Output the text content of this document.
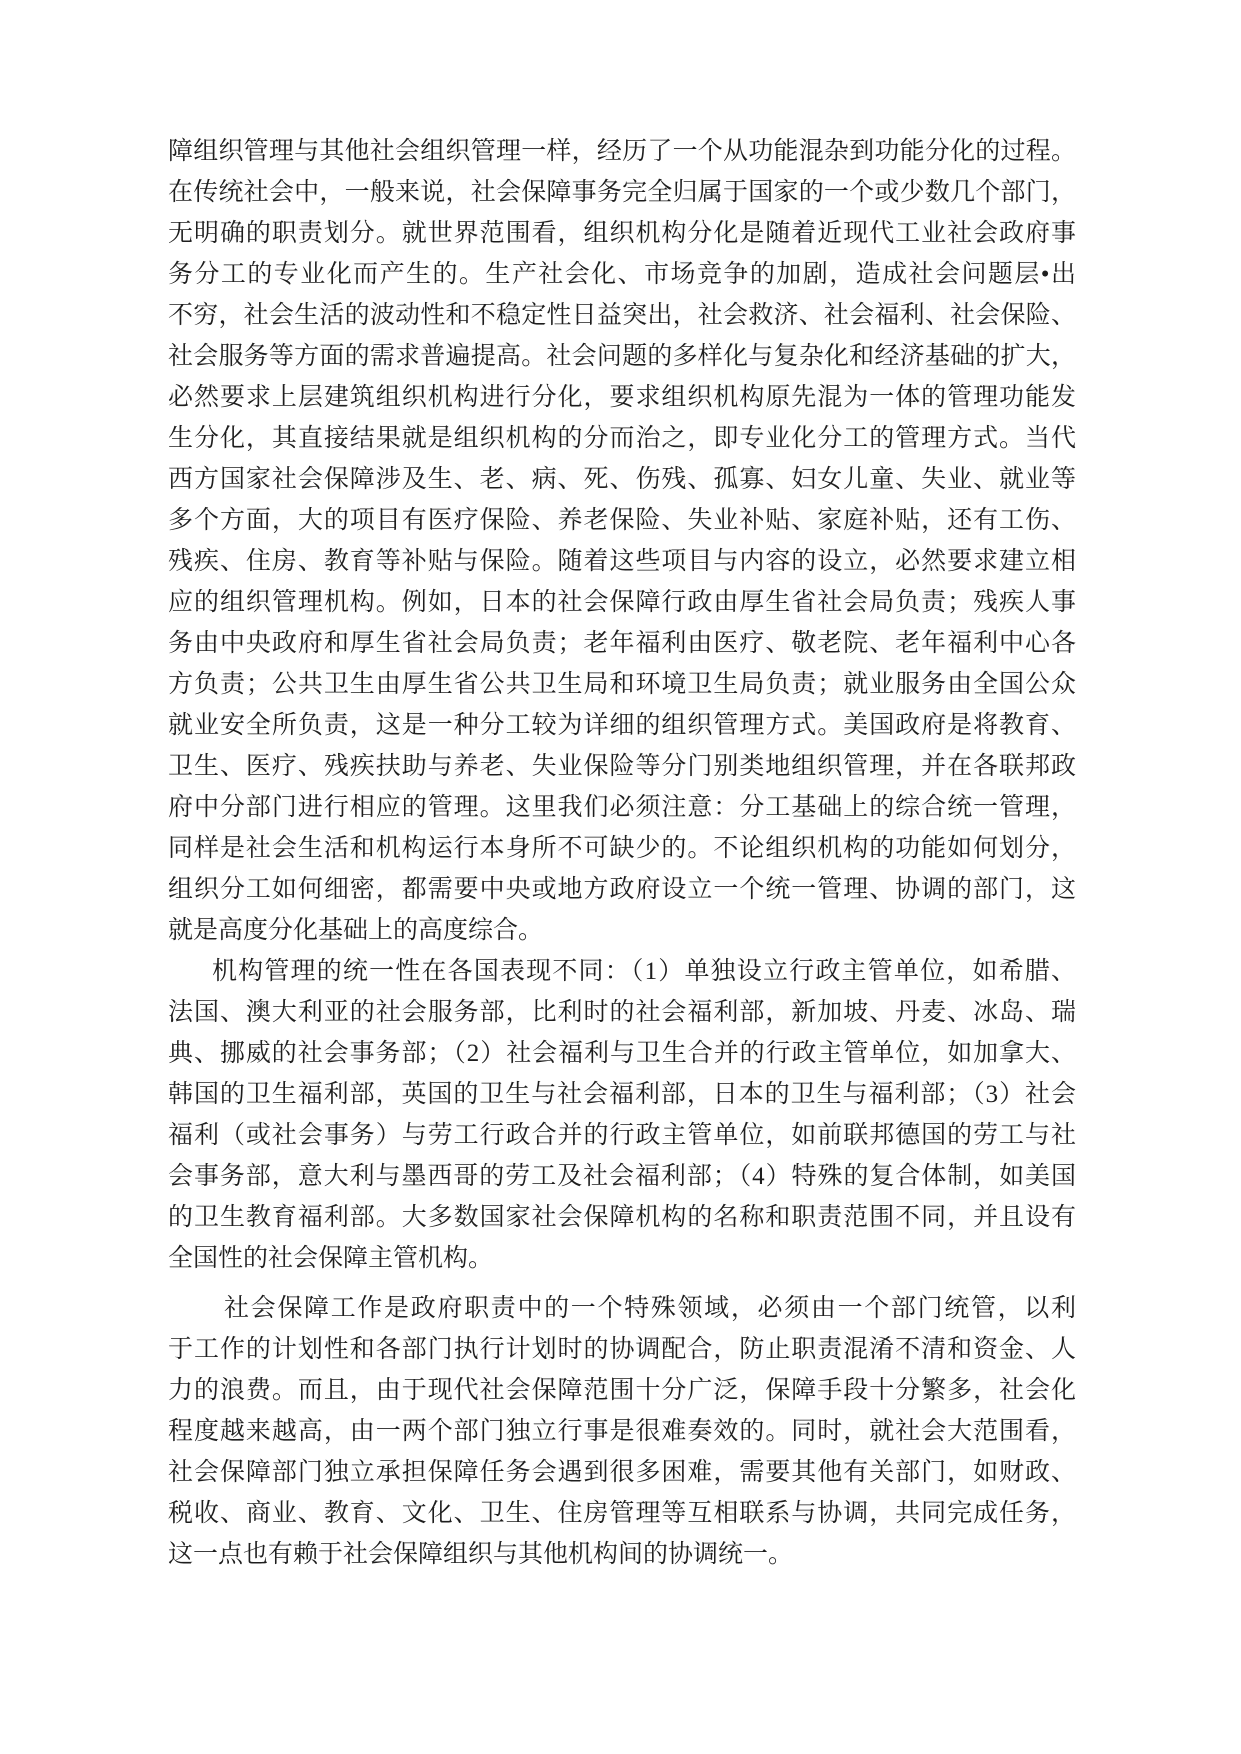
障组织管理与其他社会组织管理一样，经历了一个从功能混杂到功能分化的过程。
在传统社会中，一般来说，社会保障事务完全归属于国家的一个或少数几个部门，
无明确的职责划分。就世界范围看，组织机构分化是随着近现代工业社会政府事
务分工的专业化而产生的。生产社会化、市场竞争的加剧，造成社会问题层•出
不穷，社会生活的波动性和不稳定性日益突出，社会救济、社会福利、社会保险、
社会服务等方面的需求普遍提高。社会问题的多样化与复杂化和经济基础的扩大，
必然要求上层建筑组织机构进行分化，要求组织机构原先混为一体的管理功能发
生分化，其直接结果就是组织机构的分而治之，即专业化分工的管理方式。当代
西方国家社会保障涉及生、老、病、死、伤残、孤寡、妇女儿童、失业、就业等
多个方面，大的项目有医疗保险、养老保险、失业补贴、家庭补贴，还有工伤、
残疾、住房、教育等补贴与保险。随着这些项目与内容的设立，必然要求建立相
应的组织管理机构。例如，日本的社会保障行政由厚生省社会局负责；残疾人事
务由中央政府和厚生省社会局负责；老年福利由医疗、敬老院、老年福利中心各
方负责；公共卫生由厚生省公共卫生局和环境卫生局负责；就业服务由全国公众
就业安全所负责，这是一种分工较为详细的组织管理方式。美国政府是将教育、
卫生、医疗、残疾扶助与养老、失业保险等分门别类地组织管理，并在各联邦政
府中分部门进行相应的管理。这里我们必须注意：分工基础上的综合统一管理，
同样是社会生活和机构运行本身所不可缺少的。不论组织机构的功能如何划分，
组织分工如何细密，都需要中央或地方政府设立一个统一管理、协调的部门，这
就是高度分化基础上的高度综合。
机构管理的统一性在各国表现不同：（1）单独设立行政主管单位，如希腊、
法国、澳大利亚的社会服务部，比利时的社会福利部，新加坡、丹麦、冰岛、瑞
典、挪威的社会事务部；（2）社会福利与卫生合并的行政主管单位，如加拿大、
韩国的卫生福利部，英国的卫生与社会福利部，日本的卫生与福利部；（3）社会
福利（或社会事务）与劳工行政合并的行政主管单位，如前联邦德国的劳工与社
会事务部，意大利与墨西哥的劳工及社会福利部；（4）特殊的复合体制，如美国
的卫生教育福利部。大多数国家社会保障机构的名称和职责范围不同，并且设有
全国性的社会保障主管机构。
社会保障工作是政府职责中的一个特殊领域，必须由一个部门统管，以利
于工作的计划性和各部门执行计划时的协调配合，防止职责混淆不清和资金、人
力的浪费。而且，由于现代社会保障范围十分广泛，保障手段十分繁多，社会化
程度越来越高，由一两个部门独立行事是很难奏效的。同时，就社会大范围看，
社会保障部门独立承担保障任务会遇到很多困难，需要其他有关部门，如财政、
税收、商业、教育、文化、卫生、住房管理等互相联系与协调，共同完成任务，
这一点也有赖于社会保障组织与其他机构间的协调统一。
